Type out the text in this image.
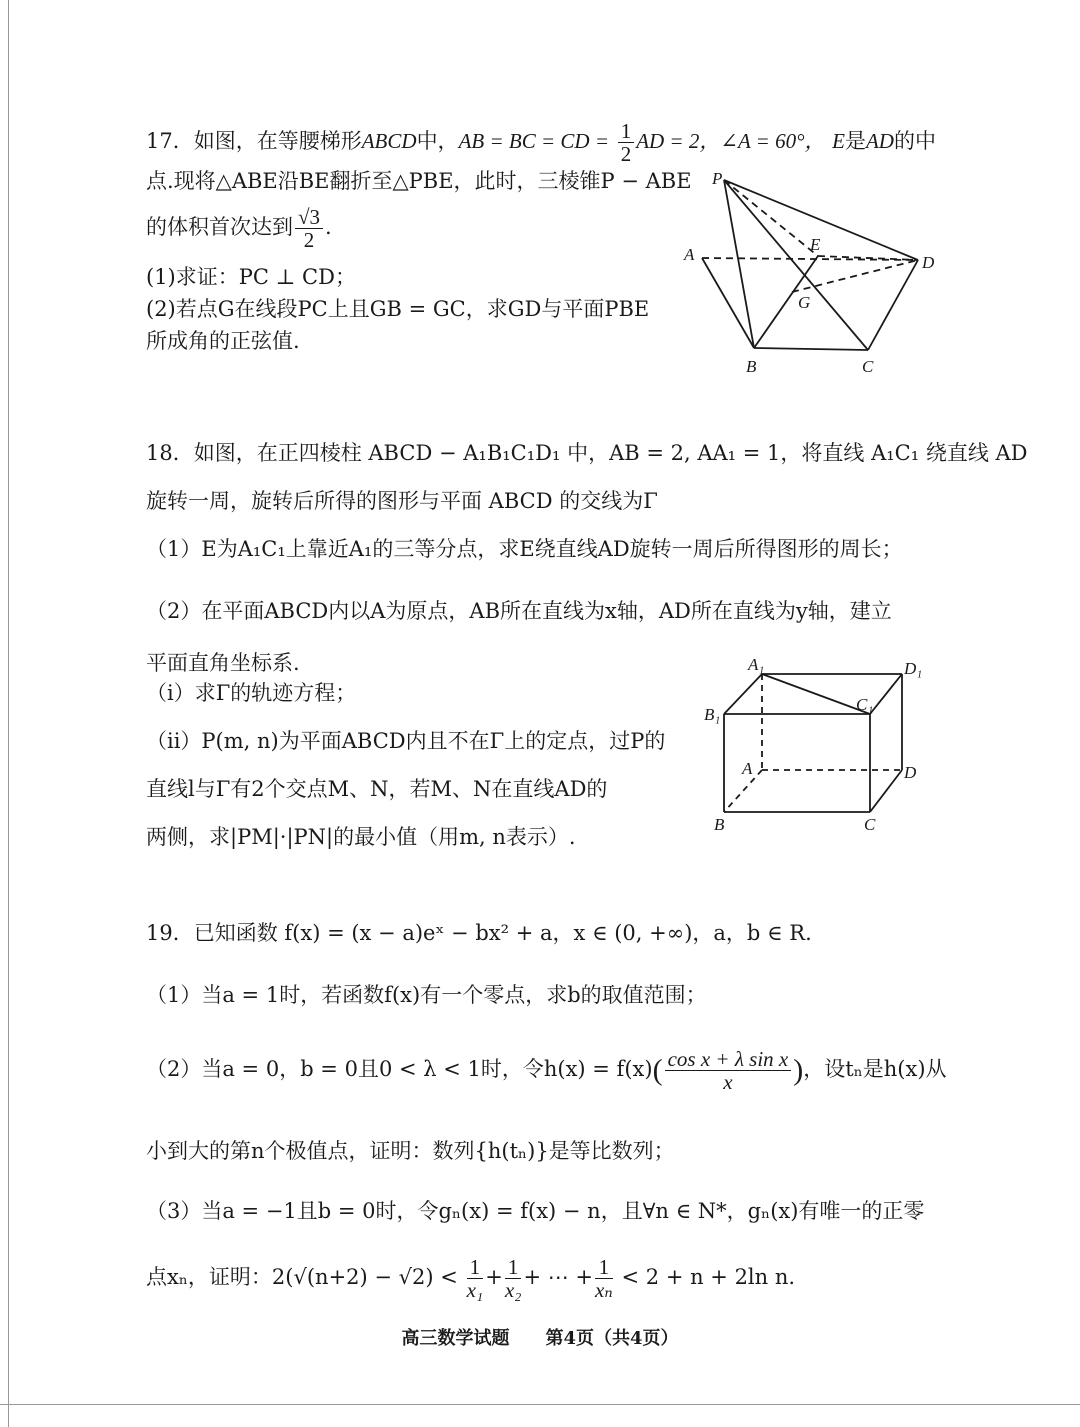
17．如图，在等腰梯形ABCD中，AB = BC = CD = $\frac{1}{2}$ AD = 2，∠A = 60°， E是AD的中
点.现将△ABE沿BE翻折至△PBE，此时，三棱锥P − ABE
的体积首次达到 $\frac{√3}{2}$ .
(1)求证：PC ⊥ CD；
(2)若点G在线段PC上且GB = GC，求GD与平面PBE
所成角的正弦值.
P
A
E
D
G
B	C
18．如图，在正四棱柱 ABCD − A₁B₁C₁D₁ 中，AB = 2, AA₁ = 1，将直线 A₁C₁ 绕直线 AD
旋转一周，旋转后所得的图形与平面 ABCD 的交线为Γ
（1）E为A₁C₁上靠近A₁的三等分点，求E绕直线AD旋转一周后所得图形的周长；
（2）在平面ABCD内以A为原点，AB所在直线为x轴，AD所在直线为y轴，建立
平面直角坐标系.
（i）求Γ的轨迹方程；
（ii）P(m, n)为平面ABCD内且不在Γ上的定点，过P的
直线l与Γ有2个交点M、N，若M、N在直线AD的
两侧，求|PM|·|PN|的最小值（用m, n表示）.
A₁	D₁
B₁
C₁
A	D
B	C
19．已知函数 f(x) = (x − a)eˣ − bx² + a，x ∈ (0, +∞)，a，b ∈ R.
（1）当a = 1时，若函数f(x)有一个零点，求b的取值范围；
（2）当a = 0，b = 0且0 < λ < 1时，令$h(x) = f(x)( \frac{\text{cos x + λ sin x}}{x}$ )，设tₙ是h(x)从
小到大的第n个极值点，证明：数列{h(tₙ)}是等比数列；
（3）当a = −1且b = 0时，令gₙ(x) = f(x) − n，且∀n ∈ N*，gₙ(x)有唯一的正零
点xₙ，证明：$2(√(n+2) - √2) < \frac{1}{\text{x₁}} + \frac{1}{\text{x₂}}$ + ⋯ + $\frac{1}{\text{xₙ}} < 2 + n + 2\ln$ n.
高三数学试题　　第4页（共4页）
